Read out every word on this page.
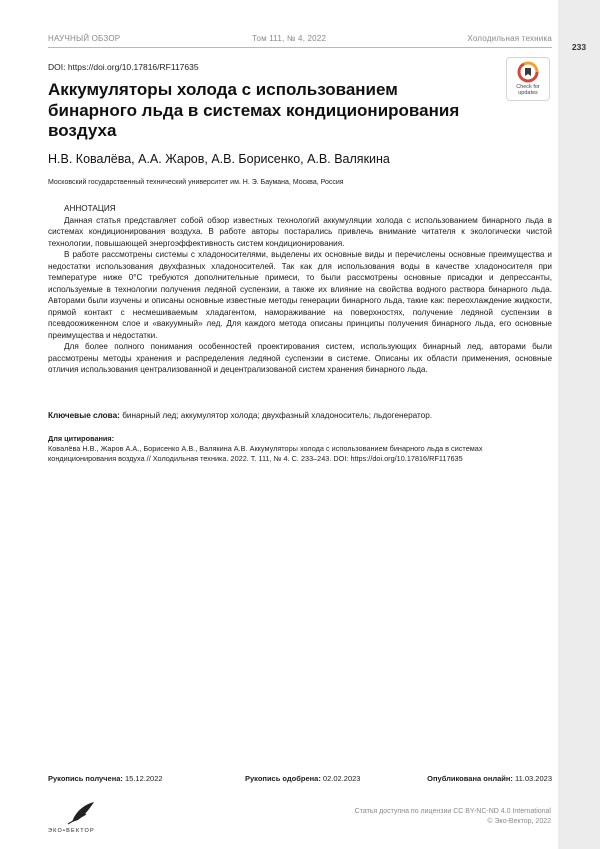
233
НАУЧНЫЙ ОБЗОР	Том 111, № 4, 2022	Холодильная техника
DOI: https://doi.org/10.17816/RF117635
Аккумуляторы холода с использованием бинарного льда в системах кондиционирования воздуха
Check for
updates
Н.В. Ковалёва, А.А. Жаров, А.В. Борисенко, А.В. Валякина
Московский государственный технический университет им. Н. Э. Баумана, Москва, Россия
АННОТАЦИЯ

Данная статья представляет собой обзор известных технологий аккумуляции холода с использованием бинарного льда в системах кондиционирования воздуха. В работе авторы постарались привлечь внимание читателя к экологически чистой технологии, повышающей энергоэффективность систем кондиционирования.

В работе рассмотрены системы с хладоносителями, выделены их основные виды и перечислены основные преимущества и недостатки использования двухфазных хладоносителей. Так как для использования воды в качестве хладоносителя при температуре ниже 0°С требуются дополнительные примеси, то были рассмотрены основные присадки и депрессанты, используемые в технологии получения ледяной суспензии, а также их влияние на свойства водного раствора бинарного льда. Авторами были изучены и описаны основные известные методы генерации бинарного льда, такие как: переохлаждение жидкости, прямой контакт с несмешиваемым хладагентом, намораживание на поверхностях, получение ледяной суспензии в псевдоожиженном слое и «вакуумный» лед. Для каждого метода описаны принципы получения бинарного льда, его основные преимущества и недостатки.

Для более полного понимания особенностей проектирования систем, использующих бинарный лед, авторами были рассмотрены методы хранения и распределения ледяной суспензии в системе. Описаны их области применения, основные отличия использования централизованной и децентрализованой систем хранения бинарного льда.

Ключевые слова: бинарный лед; аккумулятор холода; двухфазный хладоноситель; льдогенератор.
Для цитирования:
Ковалёва Н.В., Жаров А.А., Борисенко А.В., Валякина А.В. Аккумуляторы холода с использованием бинарного льда в системах кондиционирования воздуха // Холодильная техника. 2022. Т. 111, № 4. С. 233–243. DOI: https://doi.org/10.17816/RF117635
Рукопись получена: 15.12.2022	Рукопись одобрена: 02.02.2023	Опубликована онлайн: 11.03.2023
ЭКО•ВЕКТОР
Статья доступна по лицензии CC BY-NC-ND 4.0 International
© Эко-Вектор, 2022
